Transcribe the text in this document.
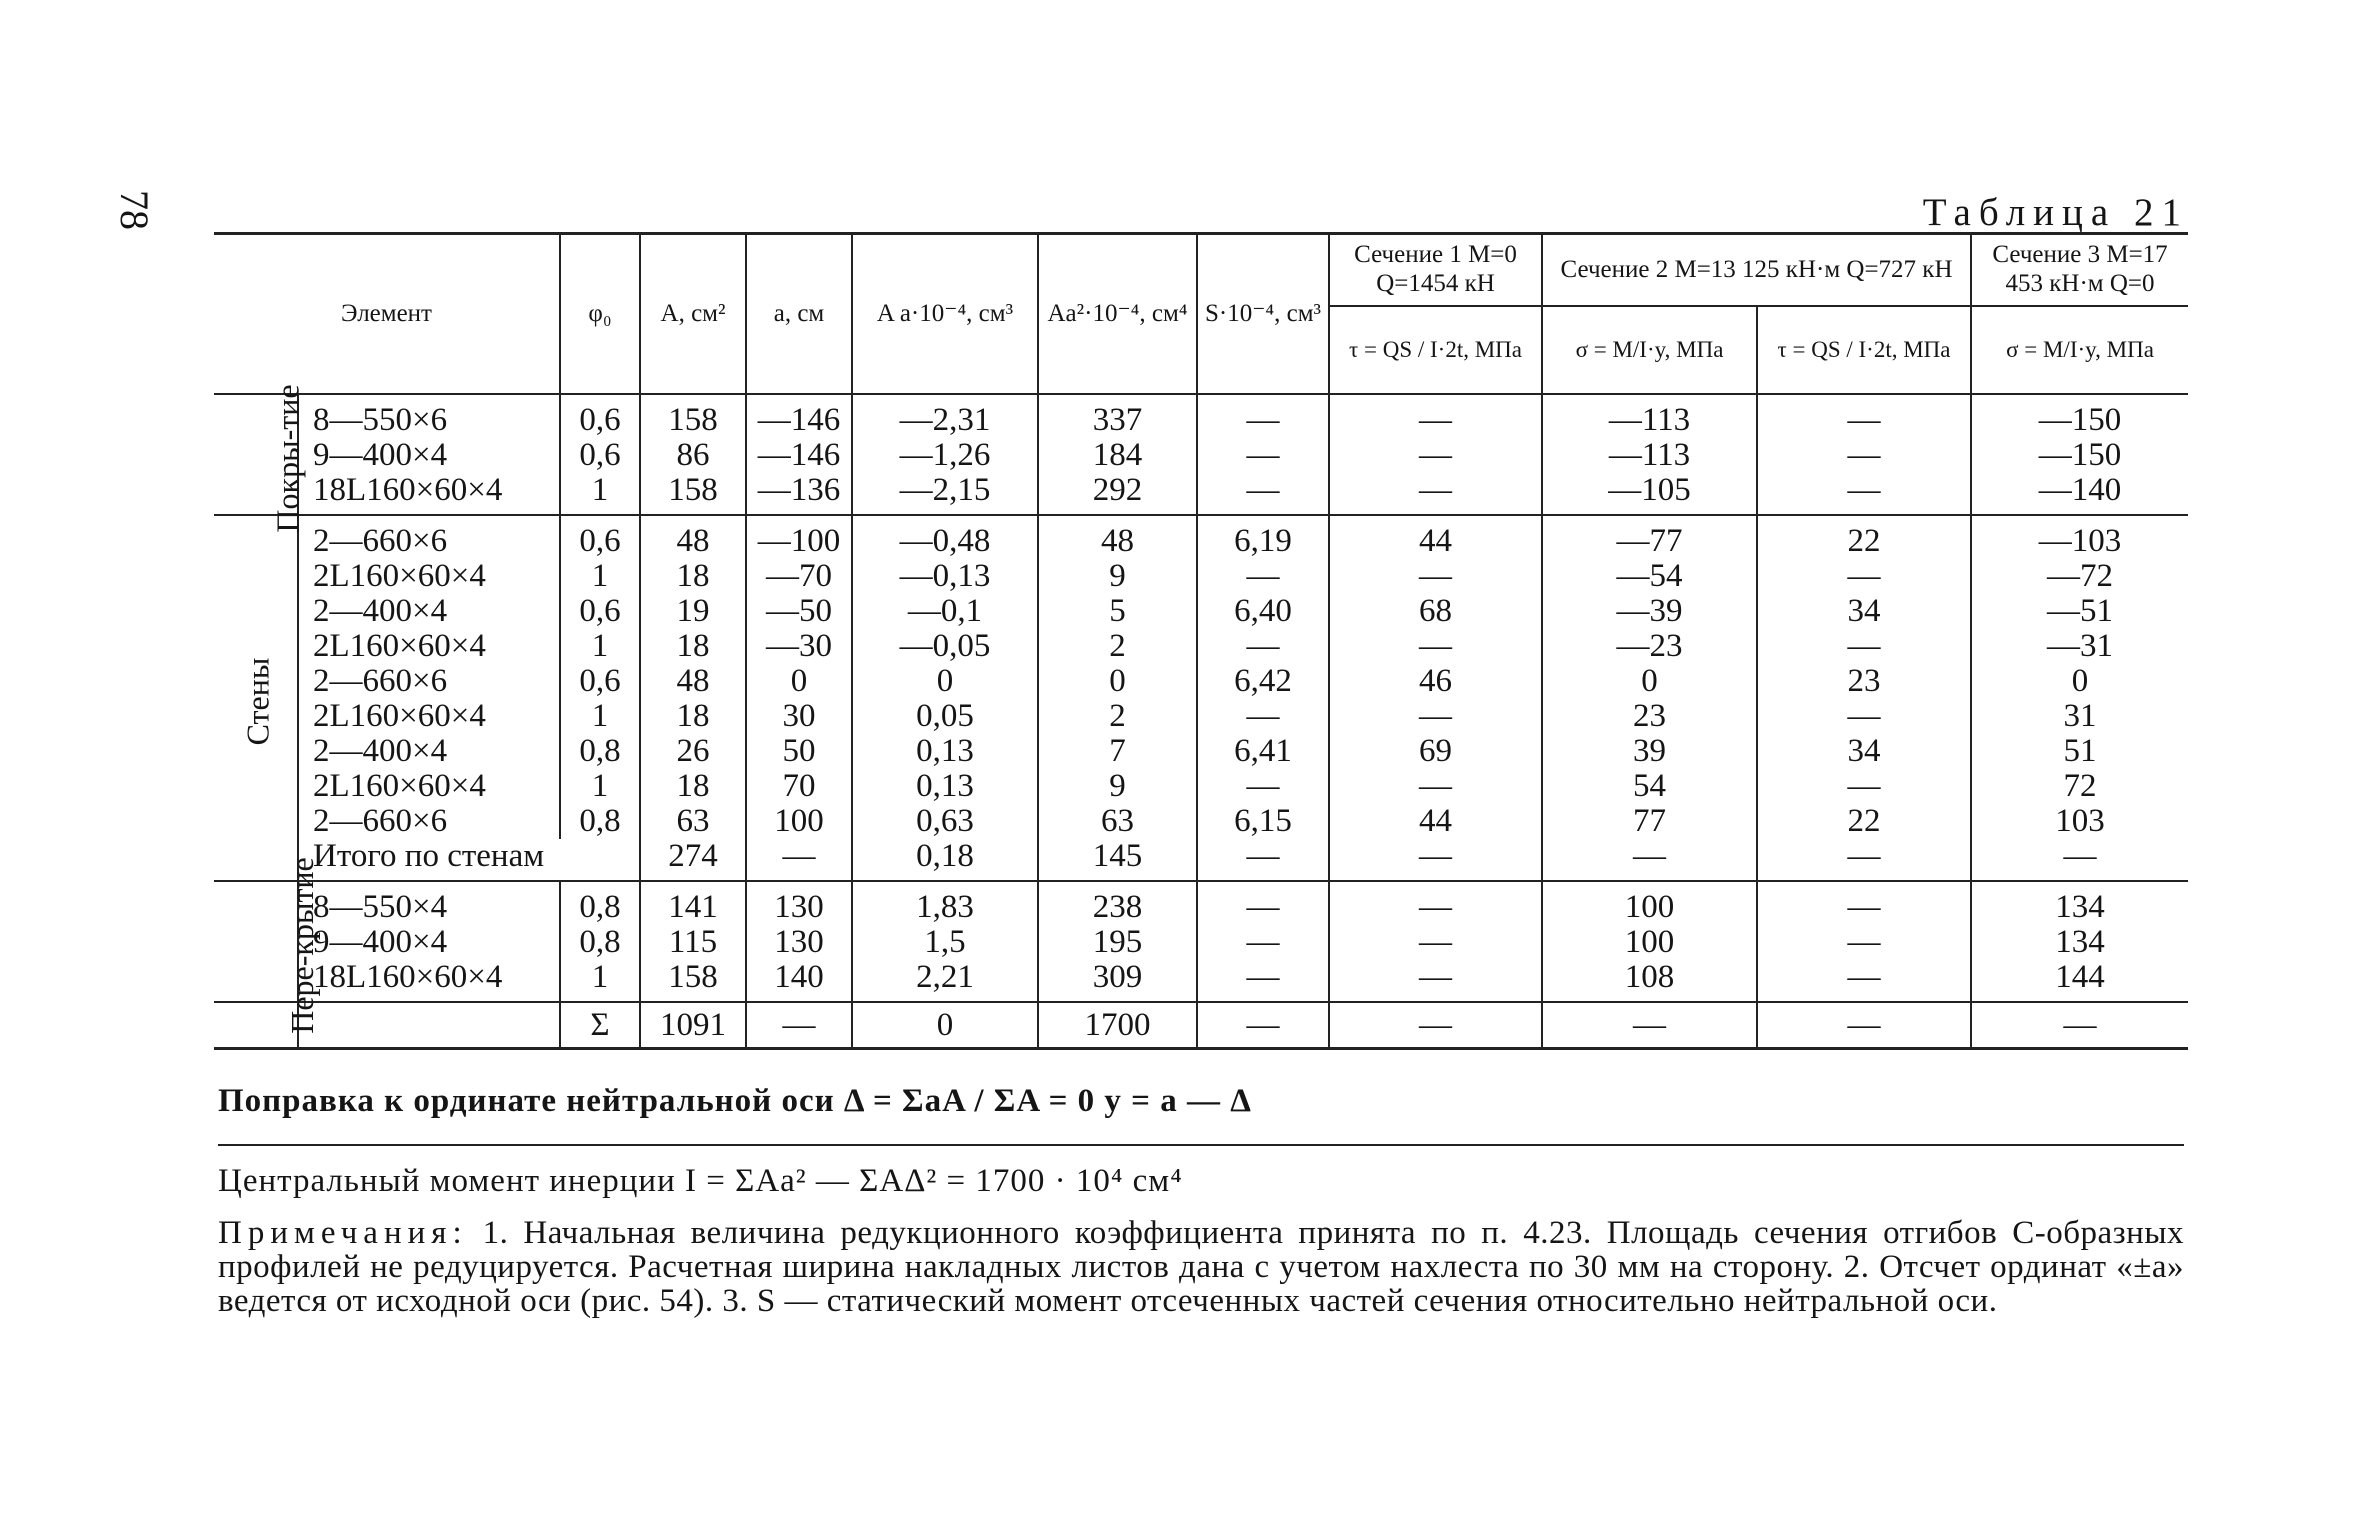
78	Таблица 21
Элемент		φ₀	A, см²	a, см	A a·10⁻⁴, см³	Aa²·10⁻⁴, см⁴	S·10⁻⁴, см³	Сечение 1 M=0 Q=1454 кН	Сечение 2 M=13 125 кН·м Q=727 кН		Сечение 3 M=17 453 кН·м Q=0
								τ = QS / I·2t, МПа	σ = M/I·y, МПа	τ = QS / I·2t, МПа	σ = M/I·y, МПа
Покры-тие	8—550×6	0,6	158	—146	—2,31	337	—	—	—113	—	—150
	9—400×4	0,6	86	—146	—1,26	184	—	—	—113	—	—150
	18L160×60×4	1	158	—136	—2,15	292	—	—	—105	—	—140
Стены	2—660×6	0,6	48	—100	—0,48	48	6,19	44	—77	22	—103
	2L160×60×4	1	18	—70	—0,13	9	—	—	—54	—	—72
	2—400×4	0,6	19	—50	—0,1	5	6,40	68	—39	34	—51
	2L160×60×4	1	18	—30	—0,05	2	—	—	—23	—	—31
	2—660×6	0,6	48	0	0	0	6,42	46	0	23	0
	2L160×60×4	1	18	30	0,05	2	—	—	23	—	31
	2—400×4	0,8	26	50	0,13	7	6,41	69	39	34	51
	2L160×60×4	1	18	70	0,13	9	—	—	54	—	72
	2—660×6	0,8	63	100	0,63	63	6,15	44	77	22	103
	Итого по стенам		274	—	0,18	145	—	—	—	—	—
Пере-крытие	8—550×4	0,8	141	130	1,83	238	—	—	100	—	134
	9—400×4	0,8	115	130	1,5	195	—	—	100	—	134
	18L160×60×4	1	158	140	2,21	309	—	—	108	—	144
		Σ	1091	—	0	1700	—	—	—	—	—
Поправка к ординате нейтральной оси Δ = ΣaA / ΣA = 0 y = a — Δ
Центральный момент инерции I = ΣAa² — ΣAΔ² = 1700 · 10⁴ см⁴
Примечания: 1. Начальная величина редукционного коэффициента принята по п. 4.23. Площадь сечения отгибов С-образных профилей не редуцируется. Расчетная ширина накладных листов дана с учетом нахлеста по 30 мм на сторону. 2. Отсчет ординат «±a» ведется от исходной оси (рис. 54). 3. S — статический момент отсеченных частей сечения относительно нейтральной оси.
